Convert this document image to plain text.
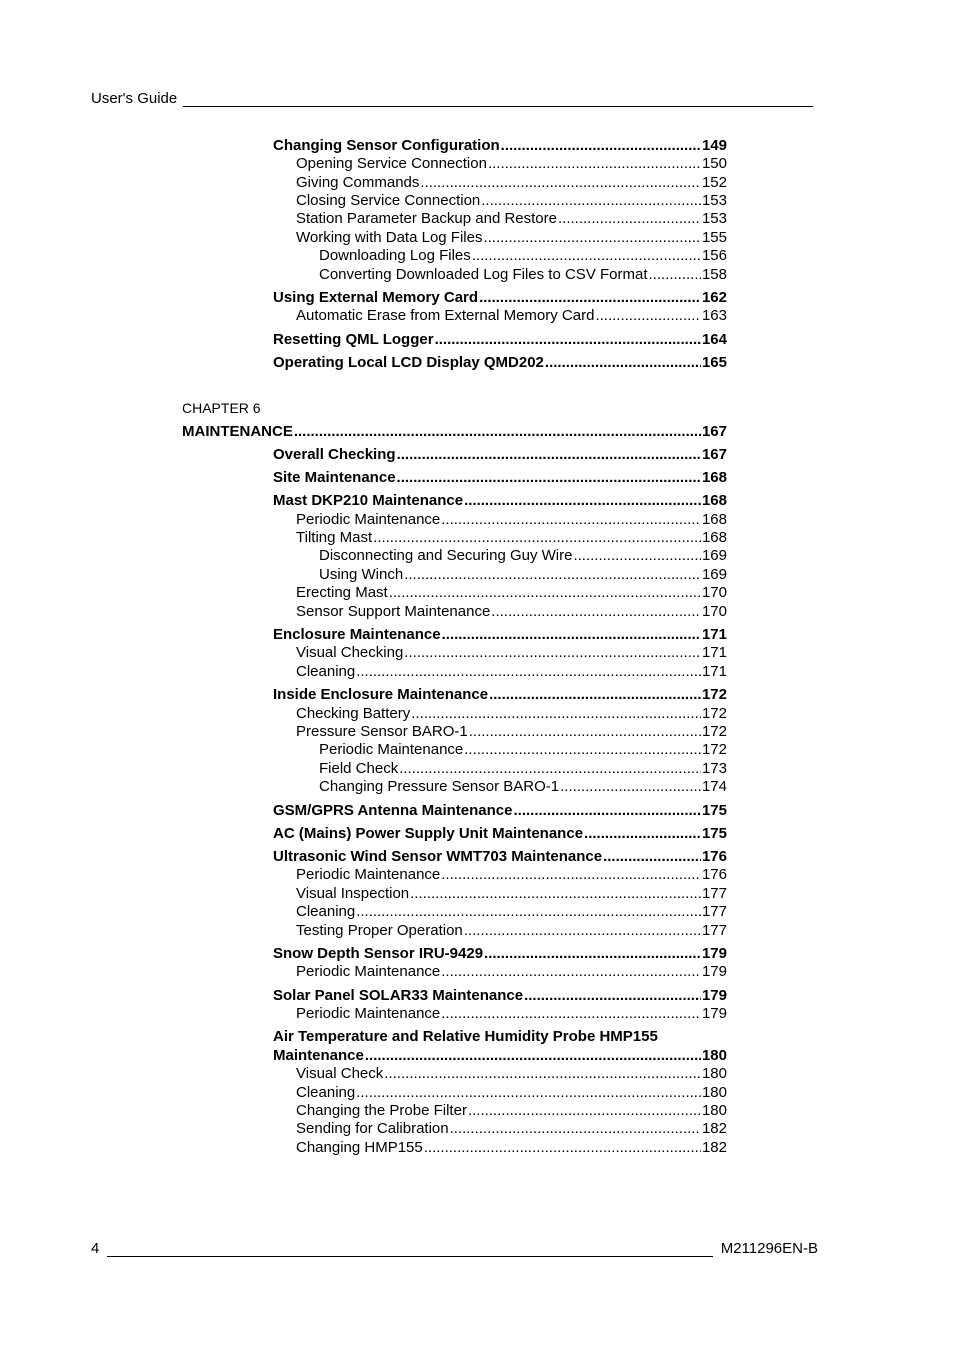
User's Guide
CHAPTER 6
Changing Sensor Configuration .....	149
Opening Service Connection .....	150
Giving Commands .....	152
Closing Service Connection .....	153
Station Parameter Backup and Restore .....	153
Working with Data Log Files .....	155
Downloading Log Files .....	156
Converting Downloaded Log Files to CSV Format .....	158
Using External Memory Card .....	162
Automatic Erase from External Memory Card .....	163
Resetting QML Logger .....	164
Operating Local LCD Display QMD202 .....	165
MAINTENANCE .....	167
Overall Checking .....	167
Site Maintenance .....	168
Mast DKP210 Maintenance .....	168
Periodic Maintenance .....	168
Tilting Mast .....	168
Disconnecting and Securing Guy Wire .....	169
Using Winch .....	169
Erecting Mast .....	170
Sensor Support Maintenance .....	170
Enclosure Maintenance .....	171
Visual Checking .....	171
Cleaning .....	171
Inside Enclosure Maintenance .....	172
Checking Battery .....	172
Pressure Sensor BARO-1 .....	172
Periodic Maintenance .....	172
Field Check .....	173
Changing Pressure Sensor BARO-1 .....	174
GSM/GPRS Antenna Maintenance .....	175
AC (Mains) Power Supply Unit Maintenance .....	175
Ultrasonic Wind Sensor WMT703 Maintenance .....	176
Periodic Maintenance .....	176
Visual Inspection .....	177
Cleaning .....	177
Testing Proper Operation .....	177
Snow Depth Sensor IRU-9429 .....	179
Periodic Maintenance .....	179
Solar Panel SOLAR33 Maintenance .....	179
Periodic Maintenance .....	179
Air Temperature and Relative Humidity Probe HMP155
Maintenance .....	180
Visual Check .....	180
Cleaning .....	180
Changing the Probe Filter .....	180
Sending for Calibration .....	182
Changing HMP155 .....	182
4	M211296EN-B
